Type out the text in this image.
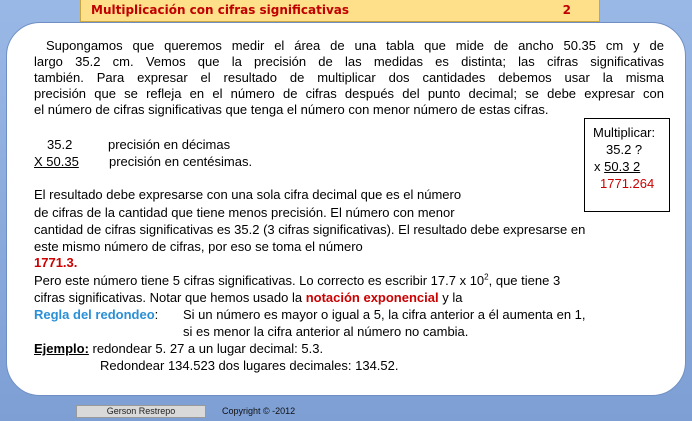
Multiplicación con cifras significativas	2
Supongamos que queremos medir el área de una tabla que mide de ancho 50.35 cm y de
largo 35.2 cm. Vemos que la precisión de las medidas es distinta; las cifras significativas
también. Para expresar el resultado de multiplicar dos cantidades debemos usar la misma
precisión que se refleja en el número de cifras después del punto decimal; se debe expresar con
el número de cifras significativas que tenga el número con menor número de estas cifras.
35.2	precisión en décimas
X 50.35 precisión en centésimas.
El resultado debe expresarse con una sola cifra decimal que es el número
de cifras de la cantidad que tiene menos precisión. El número con menor
cantidad de cifras significativas es 35.2 (3 cifras significativas). El resultado debe expresarse en
este mismo número de cifras, por eso se toma el número
1771.3.
Pero este número tiene 5 cifras significativas. Lo correcto es escribir 17.7 x $10^2$, que tiene 3
cifras significativas. Notar que hemos usado la notación exponencial y la
Regla del redondeo: Si un número es mayor o igual a 5, la cifra anterior a él aumenta en 1,
si es menor la cifra anterior al número no cambia.
Ejemplo: redondear 5. 27 a un lugar decimal: 5.3.
Redondear 134.523 dos lugares decimales: 134.52.
Multiplicar:
35.2 ?
x 50.3 2
1771.264
Gerson Restrepo	Copyright © -2012
